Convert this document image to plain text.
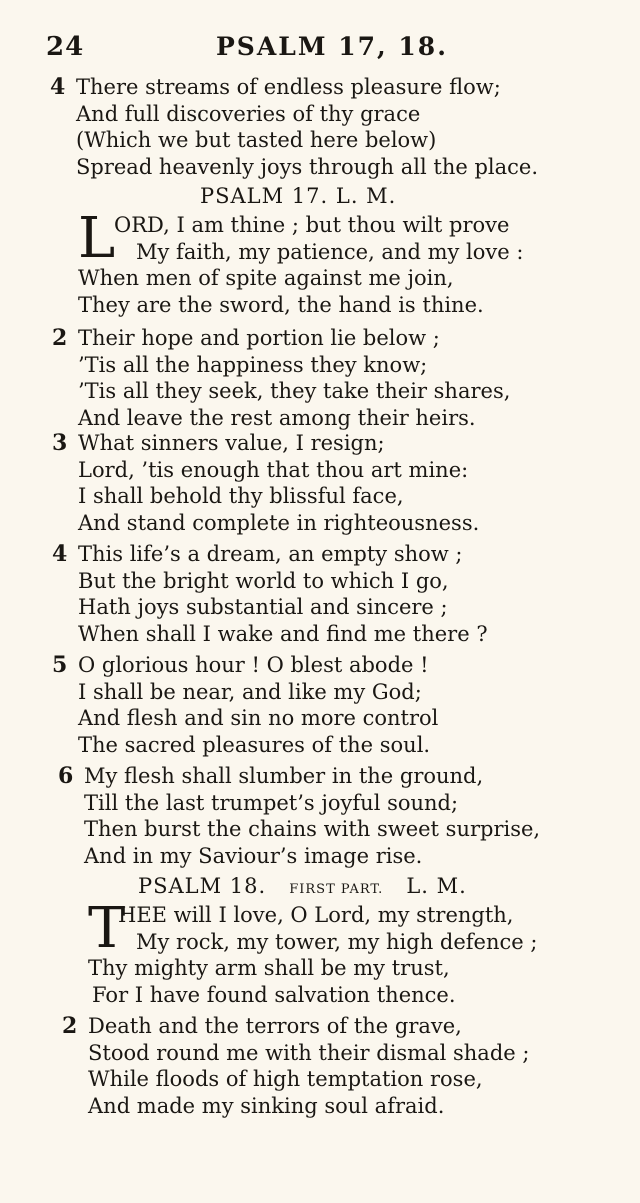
24	PSALM 17, 18.
4 There streams of endless pleasure flow;
And full discoveries of thy grace
(Which we but tasted here below)
Spread heavenly joys through all the place.
PSALM 17. L. M.
L
ORD, I am thine ; but thou wilt prove
My faith, my patience, and my love :
When men of spite against me join,
They are the sword, the hand is thine.
2 Their hope and portion lie below ;
’Tis all the happiness they know;
’Tis all they seek, they take their shares,
And leave the rest among their heirs.
3 What sinners value, I resign;
Lord, ’tis enough that thou art mine:
I shall behold thy blissful face,
And stand complete in righteousness.
4 This life’s a dream, an empty show ;
But the bright world to which I go,
Hath joys substantial and sincere ;
When shall I wake and find me there ?
5 O glorious hour ! O blest abode !
I shall be near, and like my God;
And flesh and sin no more control
The sacred pleasures of the soul.
6 My flesh shall slumber in the ground,
Till the last trumpet’s joyful sound;
Then burst the chains with sweet surprise,
And in my Saviour’s image rise.
PSALM 18. FIRST PART. L. M.
T
HEE will I love, O Lord, my strength,
My rock, my tower, my high defence ;
Thy mighty arm shall be my trust,
For I have found salvation thence.
2 Death and the terrors of the grave,
Stood round me with their dismal shade ;
While floods of high temptation rose,
And made my sinking soul afraid.
